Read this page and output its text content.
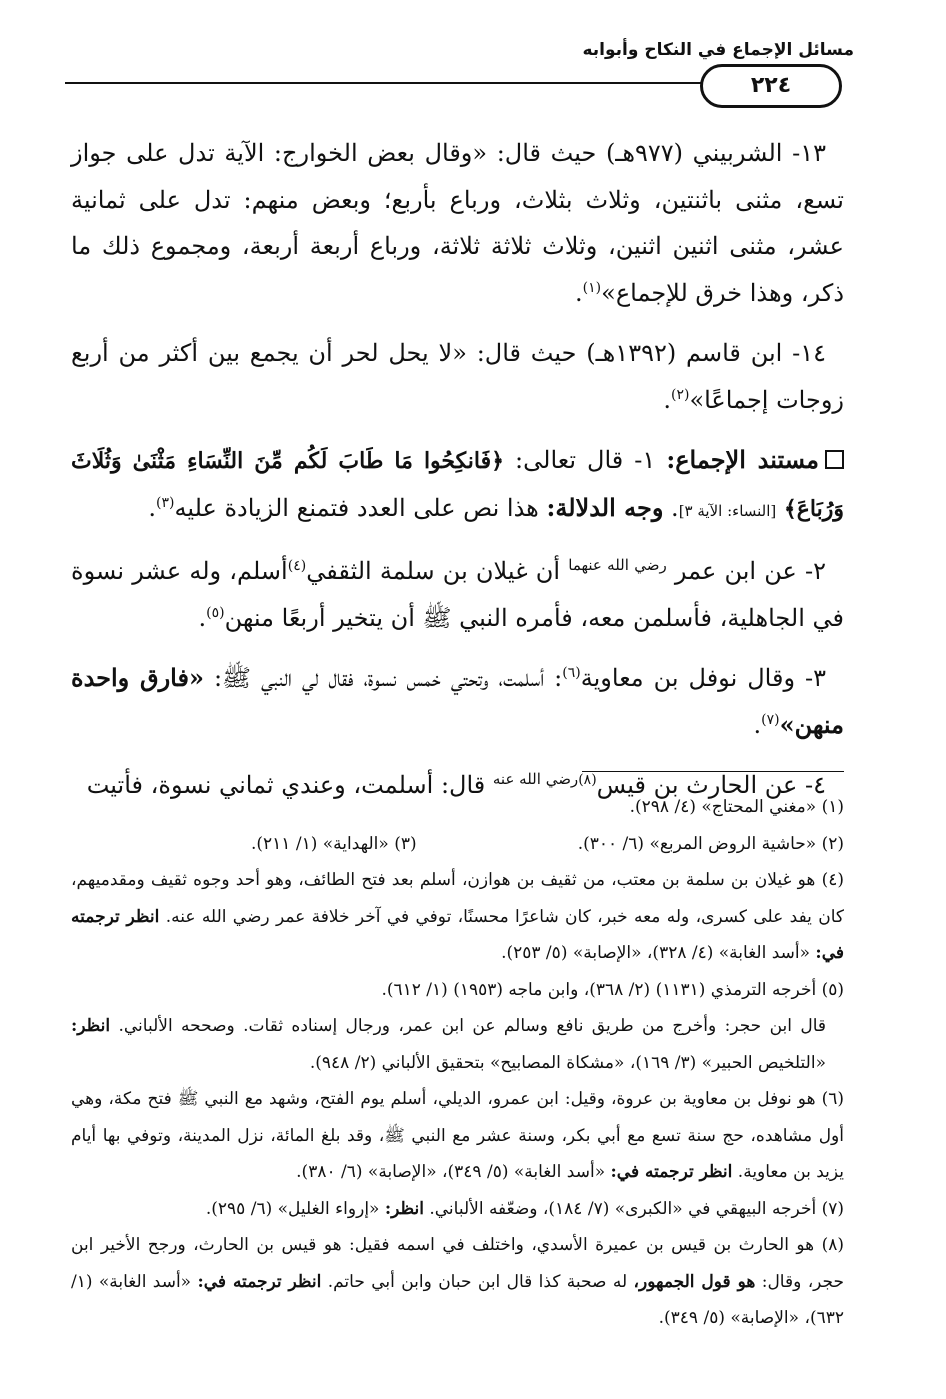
مسائل الإجماع في النكاح وأبوابه
٢٢٤

١٣- الشربيني (٩٧٧هـ) حيث قال: «وقال بعض الخوارج: الآية تدل على جواز تسع، مثنى باثنتين، وثلاث بثلاث، ورباع بأربع؛ وبعض منهم: تدل على ثمانية عشر، مثنى اثنين اثنين، وثلاث ثلاثة ثلاثة، ورباع أربعة أربعة، ومجموع ذلك ما ذكر، وهذا خرق للإجماع»$^{(١)}$.

١٤- ابن قاسم (١٣٩٢هـ) حيث قال: «لا يحل لحر أن يجمع بين أكثر من أربع زوجات إجماعًا»$^{(٢)}$.

مستند الإجماع: ١- قال تعالى: ﴿فَانكِحُوا مَا طَابَ لَكُم مِّنَ النِّسَاءِ مَثْنَىٰ وَثُلَاثَ وَرُبَاعَ﴾ [النساء: الآية ٣]. وجه الدلالة: هذا نص على العدد فتمنع الزيادة عليه$^{(٣)}$.

٢- عن ابن عمر $^{رضي الله عنهما}$ أن غيلان بن سلمة الثقفي$^{(٤)}$أسلم، وله عشر نسوة في الجاهلية، فأسلمن معه، فأمره النبي ﷺ أن يتخير أربعًا منهن$^{(٥)}$.

٣- وقال نوفل بن معاوية$^{(٦)}$: أسلمت، وتحتي خمس نسوة، فقال لي النبي ﷺ: «فارق واحدة منهن»$^{(٧)}$.

٤- عن الحارث بن قيس$^{(٨)رضي الله عنه}$ قال: أسلمت، وعندي ثماني نسوة، فأتيت

(١) «مغني المحتاج» (٤/ ٢٩٨).

(٢) «حاشية الروض المربع» (٦/ ٣٠٠).
(٣) «الهداية» (١/ ٢١١).

(٤) هو غيلان بن سلمة بن معتب، من ثقيف بن هوازن، أسلم بعد فتح الطائف، وهو أحد وجوه ثقيف ومقدميهم، كان يفد على كسرى، وله معه خبر، كان شاعرًا محسنًا، توفي في آخر خلافة عمر رضي الله عنه. انظر ترجمته في: «أسد الغابة» (٤/ ٣٢٨)، «الإصابة» (٥/ ٢٥٣).

(٥) أخرجه الترمذي (١١٣١) (٢/ ٣٦٨)، وابن ماجه (١٩٥٣) (١/ ٦١٢).

قال ابن حجر: وأخرج من طريق نافع وسالم عن ابن عمر، ورجال إسناده ثقات. وصححه الألباني. انظر: «التلخيص الحبير» (٣/ ١٦٩)، «مشكاة المصابيح» بتحقيق الألباني (٢/ ٩٤٨).

(٦) هو نوفل بن معاوية بن عروة، وقيل: ابن عمرو، الديلي، أسلم يوم الفتح، وشهد مع النبي ﷺ فتح مكة، وهي أول مشاهده، حج سنة تسع مع أبي بكر، وسنة عشر مع النبي ﷺ، وقد بلغ المائة، نزل المدينة، وتوفي بها أيام يزيد بن معاوية. انظر ترجمته في: «أسد الغابة» (٥/ ٣٤٩)، «الإصابة» (٦/ ٣٨٠).

(٧) أخرجه البيهقي في «الكبرى» (٧/ ١٨٤)، وضعّفه الألباني. انظر: «إرواء الغليل» (٦/ ٢٩٥).

(٨) هو الحارث بن قيس بن عميرة الأسدي، واختلف في اسمه فقيل: هو قيس بن الحارث، ورجح الأخير ابن حجر، وقال: هو قول الجمهور، له صحبة كذا قال ابن حبان وابن أبي حاتم. انظر ترجمته في: «أسد الغابة» (١/ ٦٣٢)، «الإصابة» (٥/ ٣٤٩).
